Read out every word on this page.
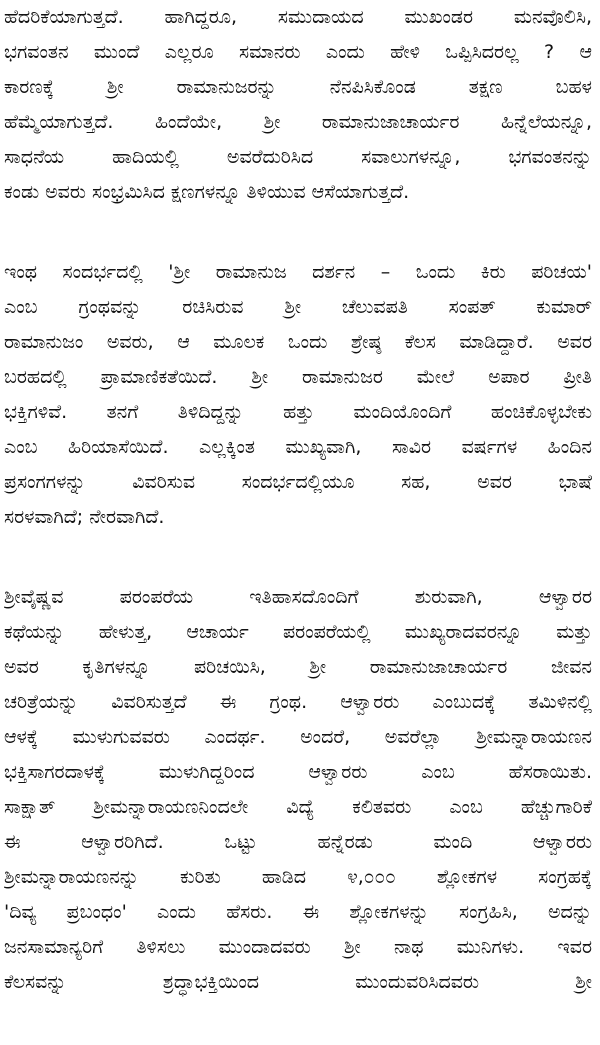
ಹೆದರಿಕೆಯಾಗುತ್ತದೆ. ಹಾಗಿದ್ದರೂ, ಸಮುದಾಯದ ಮುಖಂಡರ ಮನವೊಲಿಸಿ,
ಭಗವಂತನ ಮುಂದೆ ಎಲ್ಲರೂ ಸಮಾನರು ಎಂದು ಹೇಳಿ ಒಪ್ಪಿಸಿದರಲ್ಲ ? ಆ
ಕಾರಣಕ್ಕೆ ಶ್ರೀ ರಾಮಾನುಜರನ್ನು ನೆನಪಿಸಿಕೊಂಡ ತಕ್ಷಣ ಬಹಳ
ಹೆಮ್ಮೆಯಾಗುತ್ತದೆ. ಹಿಂದೆಯೇ, ಶ್ರೀ ರಾಮಾನುಜಾಚಾರ್ಯರ ಹಿನ್ನೆಲೆಯನ್ನೂ,
ಸಾಧನೆಯ ಹಾದಿಯಲ್ಲಿ ಅವರೆದುರಿಸಿದ ಸವಾಲುಗಳನ್ನೂ, ಭಗವಂತನನ್ನು
ಕಂಡು ಅವರು ಸಂಭ್ರಮಿಸಿದ ಕ್ಷಣಗಳನ್ನೂ ತಿಳಿಯುವ ಆಸೆಯಾಗುತ್ತದೆ.
ಇಂಥ ಸಂದರ್ಭದಲ್ಲಿ 'ಶ್ರೀ ರಾಮಾನುಜ ದರ್ಶನ – ಒಂದು ಕಿರು ಪರಿಚಯ'
ಎಂಬ ಗ್ರಂಥವನ್ನು ರಚಿಸಿರುವ ಶ್ರೀ ಚೆಲುವಪತಿ ಸಂಪತ್ ಕುಮಾರ್
ರಾಮಾನುಜಂ ಅವರು, ಆ ಮೂಲಕ ಒಂದು ಶ್ರೇಷ್ಠ ಕೆಲಸ ಮಾಡಿದ್ದಾರೆ. ಅವರ
ಬರಹದಲ್ಲಿ ಪ್ರಾಮಾಣಿಕತೆಯಿದೆ. ಶ್ರೀ ರಾಮಾನುಜರ ಮೇಲೆ ಅಪಾರ ಪ್ರೀತಿ
ಭಕ್ತಿಗಳಿವೆ. ತನಗೆ ತಿಳಿದಿದ್ದನ್ನು ಹತ್ತು ಮಂದಿಯೊಂದಿಗೆ ಹಂಚಿಕೊಳ್ಳಬೇಕು
ಎಂಬ ಹಿರಿಯಾಸೆಯಿದೆ. ಎಲ್ಲಕ್ಕಿಂತ ಮುಖ್ಯವಾಗಿ, ಸಾವಿರ ವರ್ಷಗಳ ಹಿಂದಿನ
ಪ್ರಸಂಗಗಳನ್ನು ವಿವರಿಸುವ ಸಂದರ್ಭದಲ್ಲಿಯೂ ಸಹ, ಅವರ ಭಾಷೆ
ಸರಳವಾಗಿದೆ; ನೇರವಾಗಿದೆ.
ಶ್ರೀವೈಷ್ಣವ ಪರಂಪರೆಯ ಇತಿಹಾಸದೊಂದಿಗೆ ಶುರುವಾಗಿ, ಆಳ್ವಾರರ
ಕಥೆಯನ್ನು ಹೇಳುತ್ತ, ಆಚಾರ್ಯ ಪರಂಪರೆಯಲ್ಲಿ ಮುಖ್ಯರಾದವರನ್ನೂ ಮತ್ತು
ಅವರ ಕೃತಿಗಳನ್ನೂ ಪರಿಚಯಿಸಿ, ಶ್ರೀ ರಾಮಾನುಜಾಚಾರ್ಯರ ಜೀವನ
ಚರಿತ್ರೆಯನ್ನು ವಿವರಿಸುತ್ತದೆ ಈ ಗ್ರಂಥ. ಆಳ್ವಾರರು ಎಂಬುದಕ್ಕೆ ತಮಿಳಿನಲ್ಲಿ
ಆಳಕ್ಕೆ ಮುಳುಗುವವರು ಎಂದರ್ಥ. ಅಂದರೆ, ಅವರೆಲ್ಲಾ ಶ್ರೀಮನ್ನಾರಾಯಣನ
ಭಕ್ತಿಸಾಗರದಾಳಕ್ಕೆ ಮುಳುಗಿದ್ದರಿಂದ ಆಳ್ವಾರರು ಎಂಬ ಹೆಸರಾಯಿತು.
ಸಾಕ್ಷಾತ್ ಶ್ರೀಮನ್ನಾರಾಯಣನಿಂದಲೇ ವಿದ್ಯೆ ಕಲಿತವರು ಎಂಬ ಹೆಚ್ಚುಗಾರಿಕೆ
ಈ ಆಳ್ವಾರರಿಗಿದೆ. ಒಟ್ಟು ಹನ್ನೆರಡು ಮಂದಿ ಆಳ್ವಾರರು
ಶ್ರೀಮನ್ನಾರಾಯಣನನ್ನು ಕುರಿತು ಹಾಡಿದ ೪,೦೦೦ ಶ್ಲೋಕಗಳ ಸಂಗ್ರಹಕ್ಕೆ
'ದಿವ್ಯ ಪ್ರಬಂಧಂ' ಎಂದು ಹೆಸರು. ಈ ಶ್ಲೋಕಗಳನ್ನು ಸಂಗ್ರಹಿಸಿ, ಅದನ್ನು
ಜನಸಾಮಾನ್ಯರಿಗೆ ತಿಳಿಸಲು ಮುಂದಾದವರು ಶ್ರೀ ನಾಥ ಮುನಿಗಳು. ಇವರ
ಕೆಲಸವನ್ನು ಶ್ರದ್ಧಾಭಕ್ತಿಯಿಂದ ಮುಂದುವರಿಸಿದವರು ಶ್ರೀ
